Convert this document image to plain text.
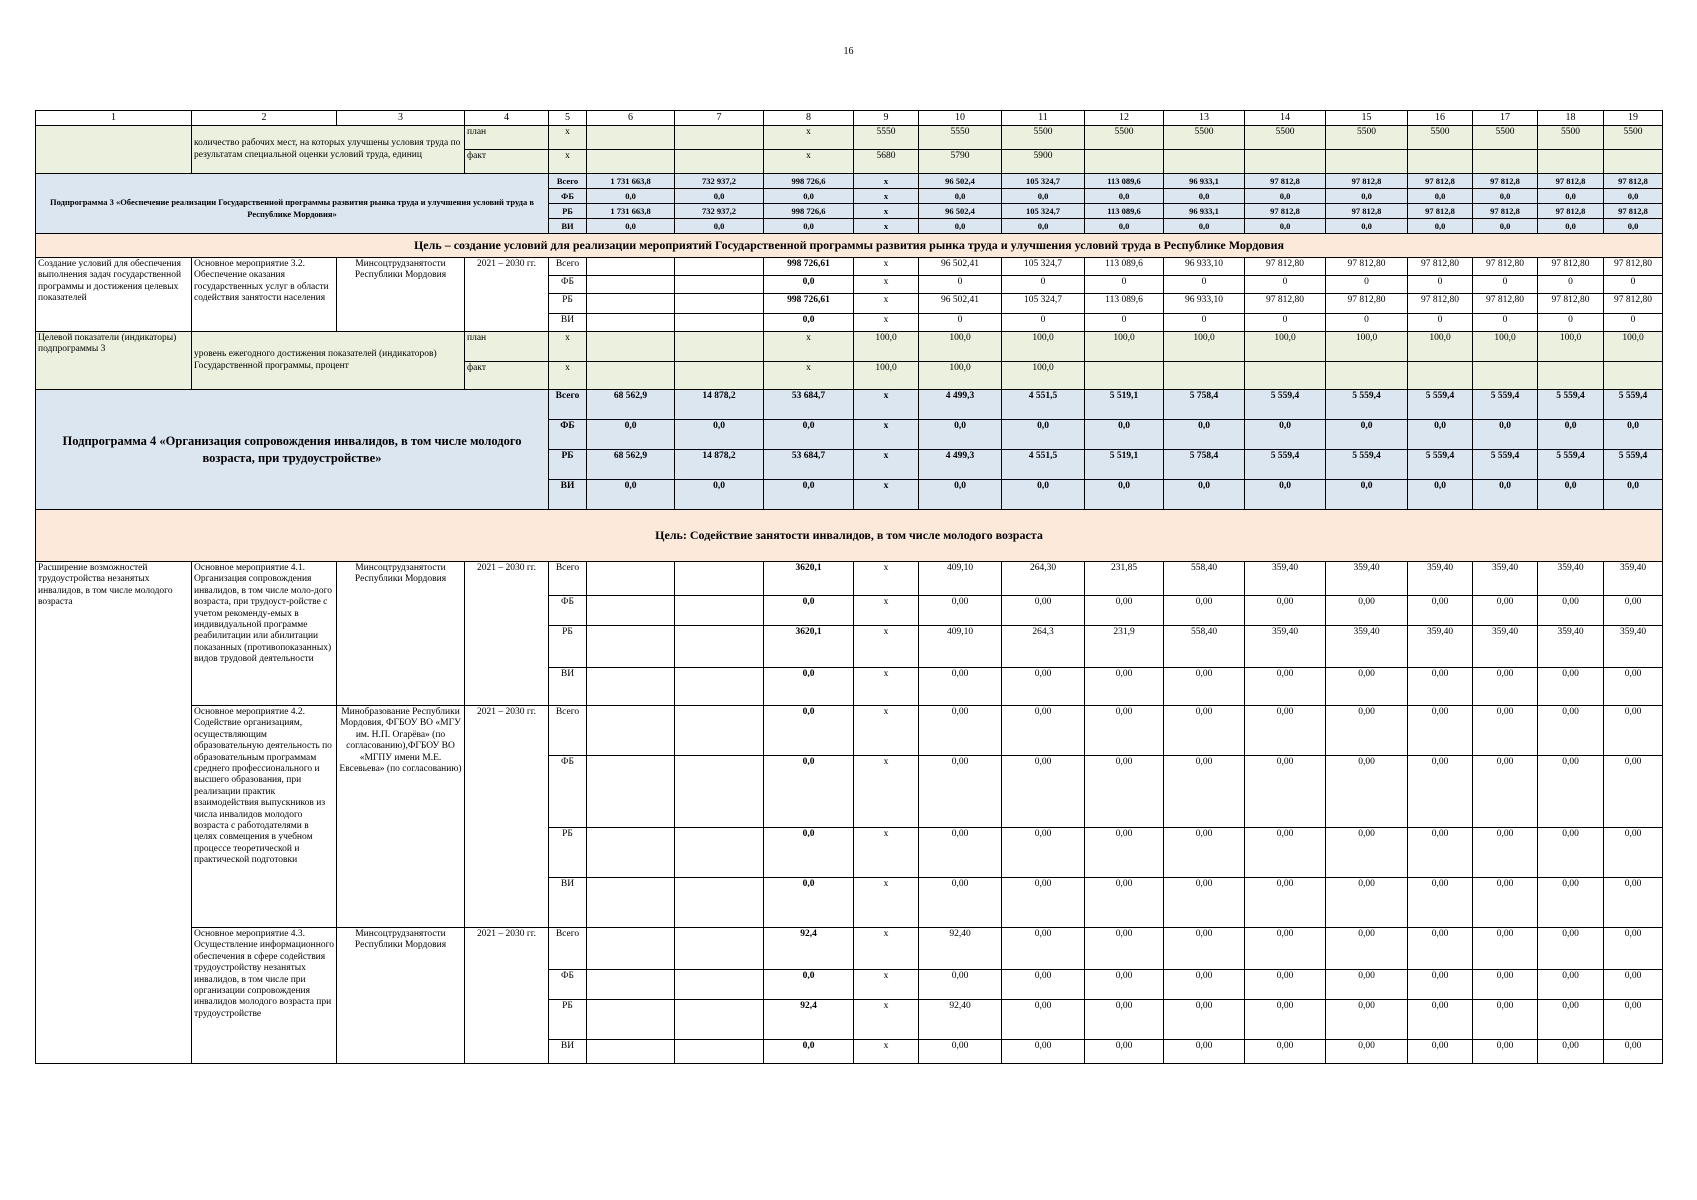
16
1	2	3	4	5	6	7	8	9	10	11	12	13	14	15	16	17	18	19
	количество рабочих мест, на которых улучшены условия труда по результатам специальной оценки условий труда, единиц		план	x			x	5550	5550	5500	5500	5500	5500	5500	5500	5500	5500	5500
			факт	x			x	5680	5790	5900								
Подпрограмма 3 «Обеспечение реализации Государственной программы развития рынка труда и улучшения условий труда в Республике Мордовия»				Всего	1 731 663,8	732 937,2	998 726,6	x	96 502,4	105 324,7	113 089,6	96 933,1	97 812,8	97 812,8	97 812,8	97 812,8	97 812,8	97 812,8
				ФБ	0,0	0,0	0,0	x	0,0	0,0	0,0	0,0	0,0	0,0	0,0	0,0	0,0	0,0
				РБ	1 731 663,8	732 937,2	998 726,6	x	96 502,4	105 324,7	113 089,6	96 933,1	97 812,8	97 812,8	97 812,8	97 812,8	97 812,8	97 812,8
				ВИ	0,0	0,0	0,0	x	0,0	0,0	0,0	0,0	0,0	0,0	0,0	0,0	0,0	0,0
Цель – создание условий для реализации мероприятий Государственной программы развития рынка труда и улучшения условий труда в Республике Мордовия																		
Создание условий для обеспечения выполнения задач государственной программы и достижения целевых показателей	Основное мероприятие 3.2. Обеспечение оказания государственных услуг в области содействия занятости населения	Минсоцтрудзанятости Республики Мордовия	2021 – 2030 гг.	Всего			998 726,61	x	96 502,41	105 324,7	113 089,6	96 933,10	97 812,80	97 812,80	97 812,80	97 812,80	97 812,80	97 812,80
				ФБ			0,0	x	0	0	0	0	0	0	0	0	0	0
				РБ			998 726,61	x	96 502,41	105 324,7	113 089,6	96 933,10	97 812,80	97 812,80	97 812,80	97 812,80	97 812,80	97 812,80
				ВИ			0,0	x	0	0	0	0	0	0	0	0	0	0
Целевой показатели (индикаторы) подпрограммы 3	уровень ежегодного достижения показателей (индикаторов) Государственной программы, процент		план	x			x	100,0	100,0	100,0	100,0	100,0	100,0	100,0	100,0	100,0	100,0	100,0
			факт	x			x	100,0	100,0	100,0								
Подпрограмма 4 «Организация сопровождения инвалидов, в том числе молодого возраста, при трудоустройстве»				Всего	68 562,9	14 878,2	53 684,7	x	4 499,3	4 551,5	5 519,1	5 758,4	5 559,4	5 559,4	5 559,4	5 559,4	5 559,4	5 559,4
				ФБ	0,0	0,0	0,0	x	0,0	0,0	0,0	0,0	0,0	0,0	0,0	0,0	0,0	0,0
				РБ	68 562,9	14 878,2	53 684,7	x	4 499,3	4 551,5	5 519,1	5 758,4	5 559,4	5 559,4	5 559,4	5 559,4	5 559,4	5 559,4
				ВИ	0,0	0,0	0,0	x	0,0	0,0	0,0	0,0	0,0	0,0	0,0	0,0	0,0	0,0
Цель: Содействие занятости инвалидов, в том числе молодого возраста																		
Расширение возможностей трудоустройства незанятых инвалидов, в том числе молодого возраста	Основное мероприятие 4.1. Организация сопровождения инвалидов, в том числе моло-дого возраста, при трудоуст-ройстве с учетом рекоменду-емых в индивидуальной программе реабилитации или абилитации показанных (противопоказанных) видов трудовой деятельности	Минсоцтрудзанятости Республики Мордовия	2021 – 2030 гг.	Всего			3620,1	x	409,10	264,30	231,85	558,40	359,40	359,40	359,40	359,40	359,40	359,40
				ФБ			0,0	x	0,00	0,00	0,00	0,00	0,00	0,00	0,00	0,00	0,00	0,00
				РБ			3620,1	x	409,10	264,3	231,9	558,40	359,40	359,40	359,40	359,40	359,40	359,40
				ВИ			0,0	x	0,00	0,00	0,00	0,00	0,00	0,00	0,00	0,00	0,00	0,00
	Основное мероприятие 4.2. Содействие организациям, осуществляющим образовательную деятельность по образовательным программам среднего профессионального и высшего образования, при реализации практик взаимодействия выпускников из числа инвалидов молодого возраста с работодателями в целях совмещения в учебном процессе теоретической и практической подготовки	Минобразование Республики Мордовия, ФГБОУ ВО «МГУ им. Н.П. Огарёва» (по согласованию),ФГБОУ ВО «МГПУ имени М.Е. Евсевьева» (по согласованию)	2021 – 2030 гг.	Всего			0,0	x	0,00	0,00	0,00	0,00	0,00	0,00	0,00	0,00	0,00	0,00
				ФБ			0,0	x	0,00	0,00	0,00	0,00	0,00	0,00	0,00	0,00	0,00	0,00
				РБ			0,0	x	0,00	0,00	0,00	0,00	0,00	0,00	0,00	0,00	0,00	0,00
				ВИ			0,0	x	0,00	0,00	0,00	0,00	0,00	0,00	0,00	0,00	0,00	0,00
	Основное мероприятие 4.3. Осуществление информационного обеспечения в сфере содействия трудоустройству незанятых инвалидов, в том числе при организации сопровождения инвалидов молодого возраста при трудоустройстве	Минсоцтрудзанятости Республики Мордовия	2021 – 2030 гг.	Всего			92,4	x	92,40	0,00	0,00	0,00	0,00	0,00	0,00	0,00	0,00	0,00
				ФБ			0,0	x	0,00	0,00	0,00	0,00	0,00	0,00	0,00	0,00	0,00	0,00
				РБ			92,4	x	92,40	0,00	0,00	0,00	0,00	0,00	0,00	0,00	0,00	0,00
				ВИ			0,0	x	0,00	0,00	0,00	0,00	0,00	0,00	0,00	0,00	0,00	0,00
